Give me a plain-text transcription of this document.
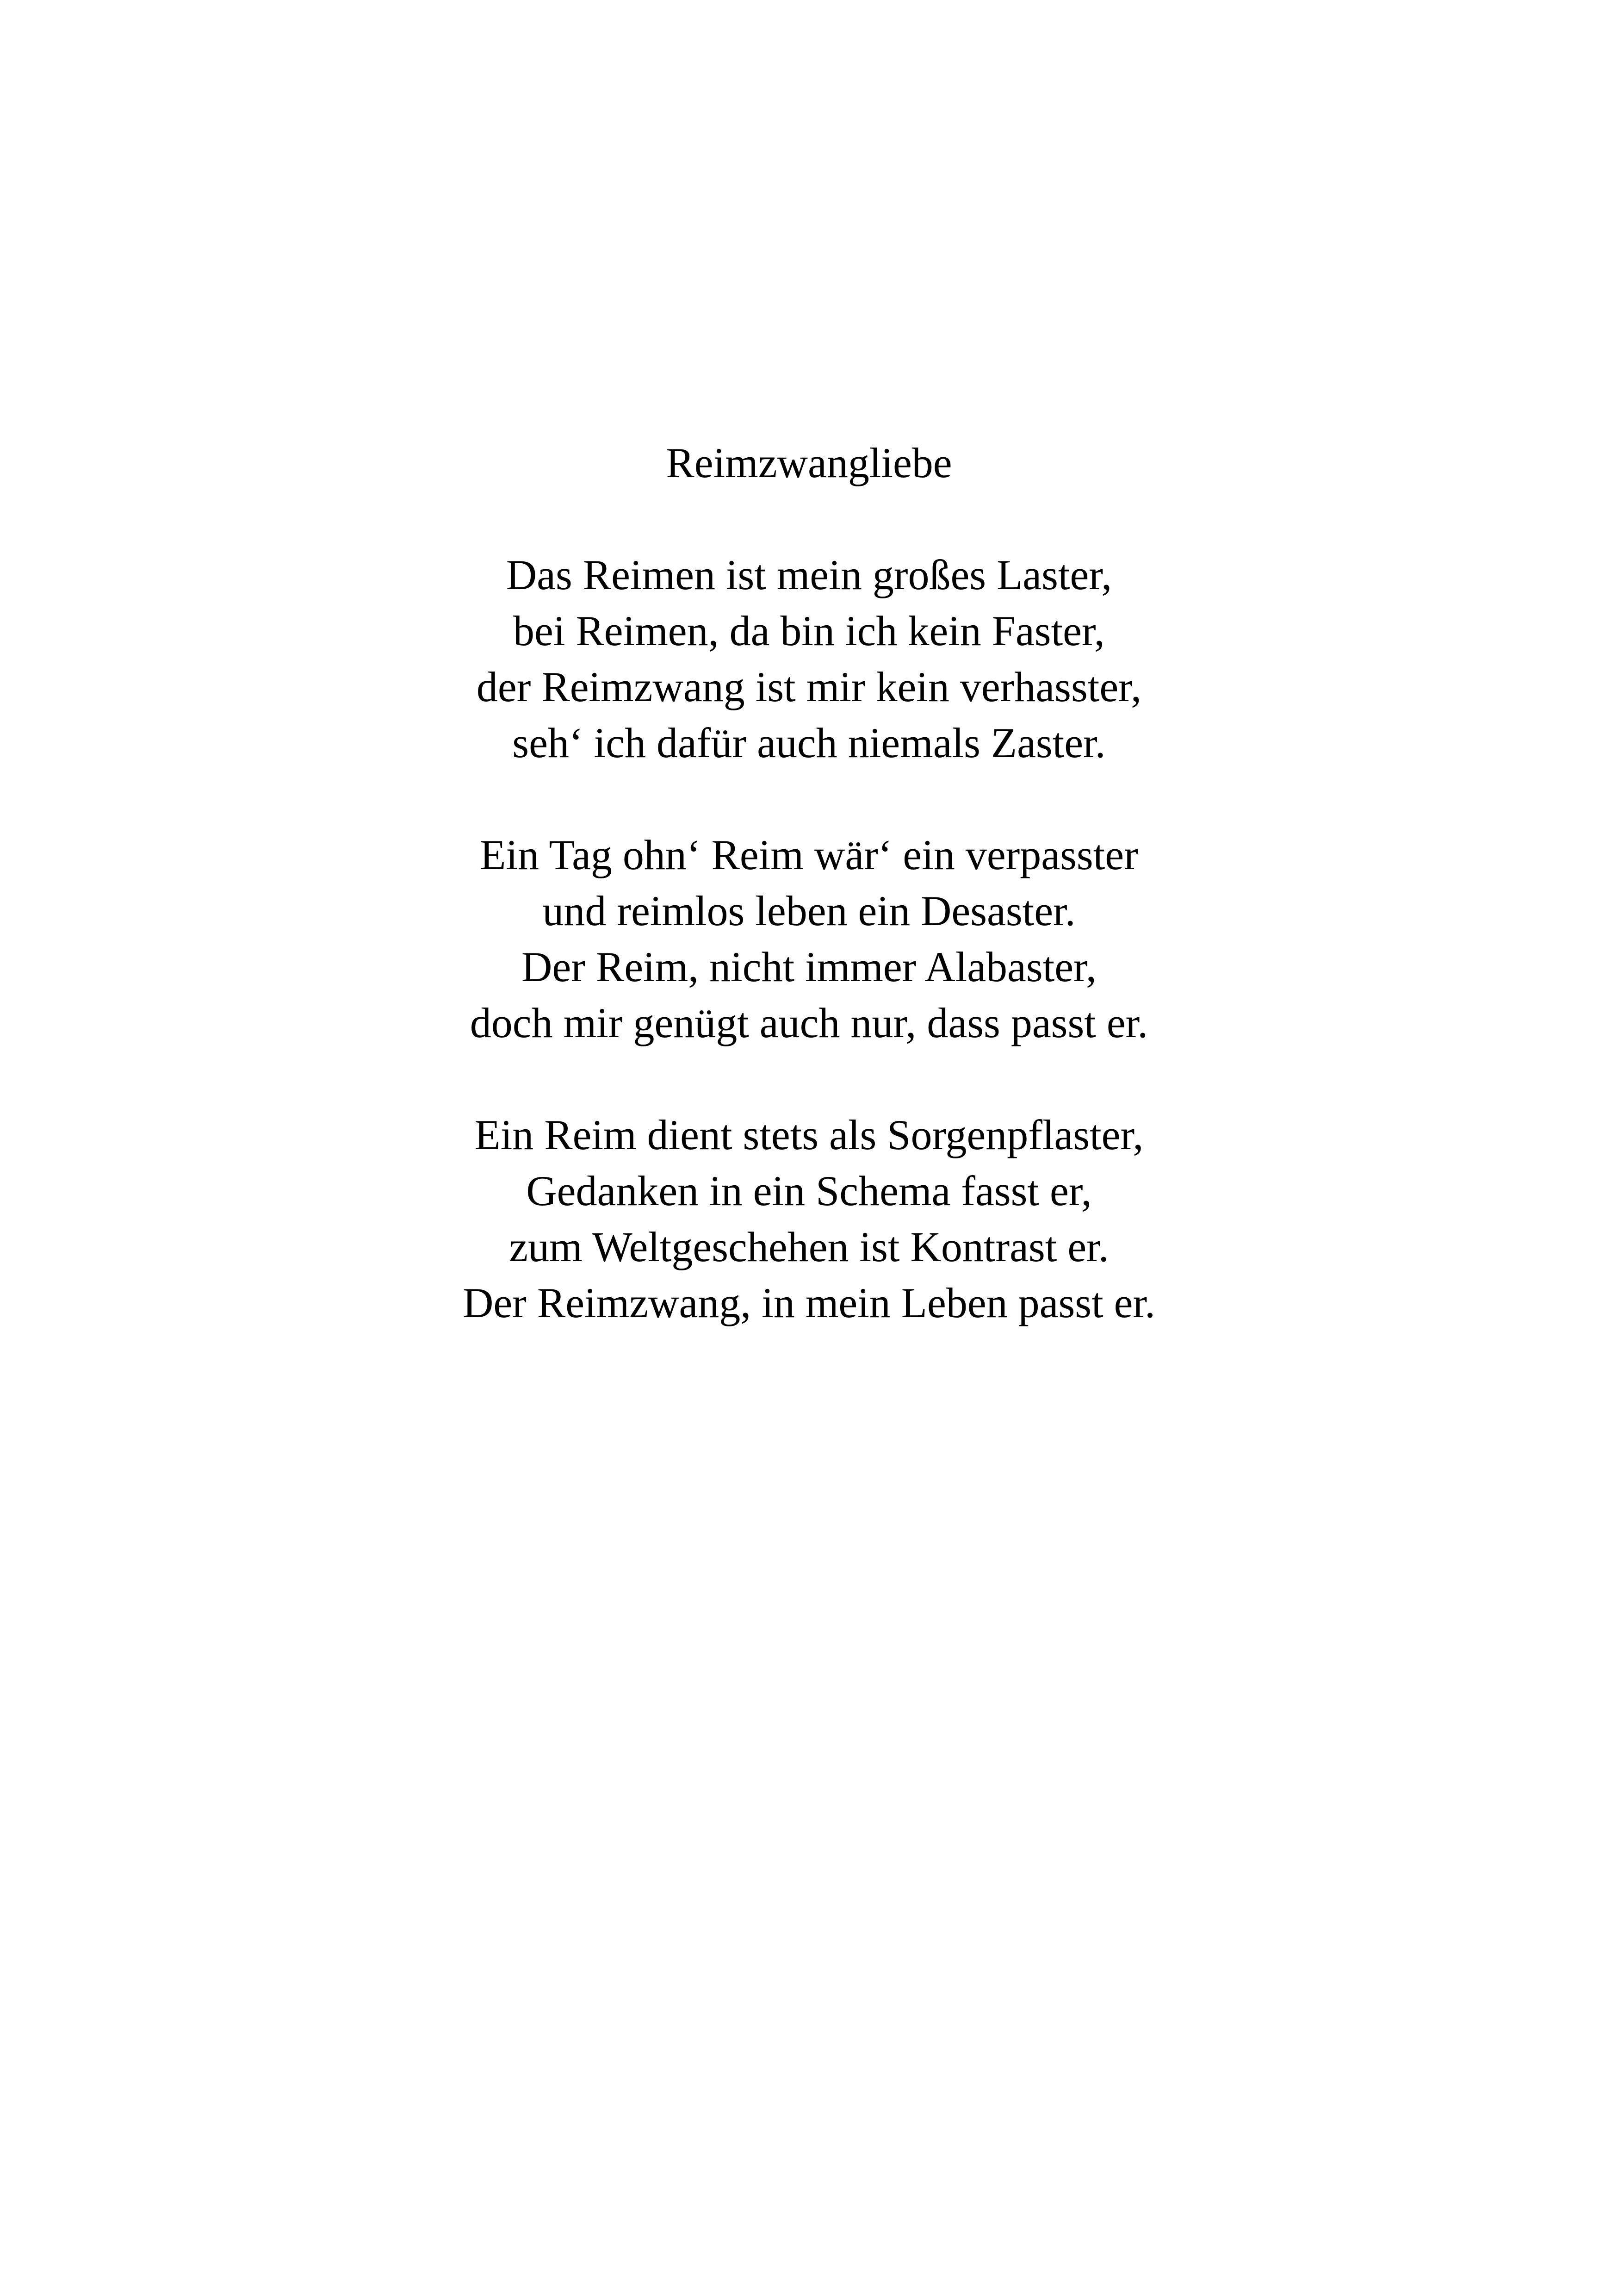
Reimzwangliebe
Das Reimen ist mein großes Laster,
bei Reimen, da bin ich kein Faster,
der Reimzwang ist mir kein verhasster,
seh‘ ich dafür auch niemals Zaster.
Ein Tag ohn‘ Reim wär‘ ein verpasster
und reimlos leben ein Desaster.
Der Reim, nicht immer Alabaster,
doch mir genügt auch nur, dass passt er.
Ein Reim dient stets als Sorgenpflaster,
Gedanken in ein Schema fasst er,
zum Weltgeschehen ist Kontrast er.
Der Reimzwang, in mein Leben passt er.
